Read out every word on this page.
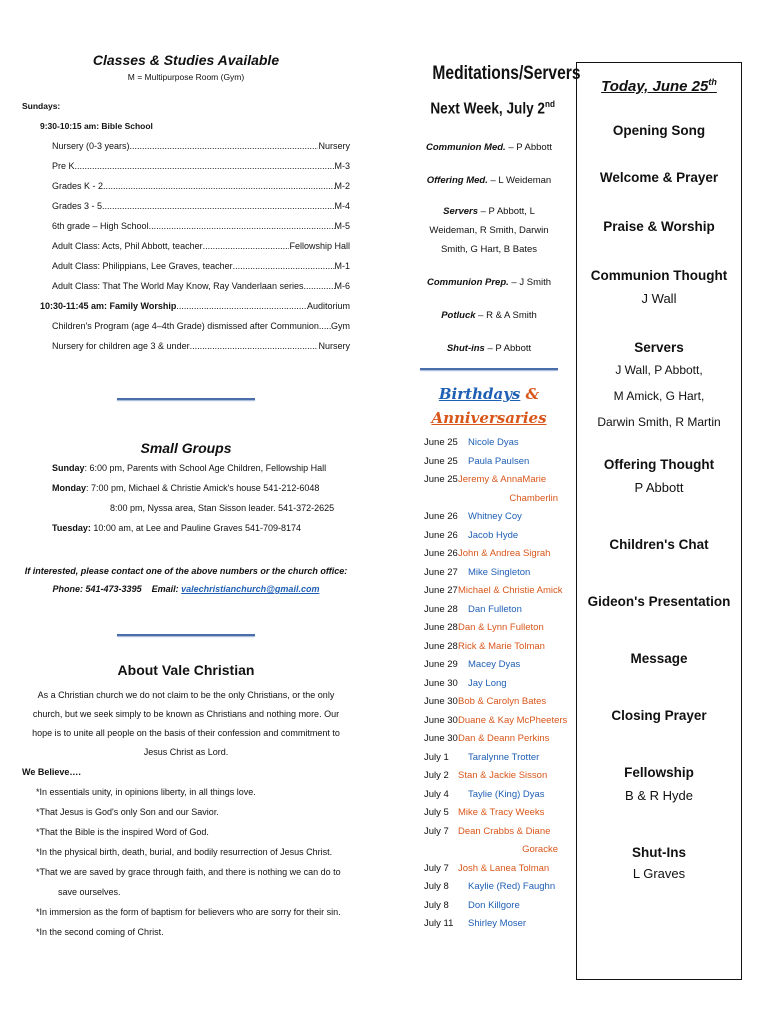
Classes & Studies Available
M = Multipurpose Room (Gym)
Sundays:
9:30-10:15 am: Bible School
Nursery (0-3 years) .....	Nursery
Pre K .....	M-3
Grades K - 2 .....	M-2
Grades 3 - 5 .....	M-4
6th grade – High School .....	M-5
Adult Class: Acts, Phil Abbott, teacher .....	Fellowship Hall
Adult Class: Philippians, Lee Graves, teacher .....	M-1
Adult Class: That The World May Know, Ray Vanderlaan series .....	M-6
10:30-11:45 am: Family Worship .....	Auditorium
Children's Program (age 4–4th Grade) dismissed after Communion ..... Gym
Nursery for children age 3 & under .....	Nursery
Small Groups
Sunday: 6:00 pm, Parents with School Age Children, Fellowship Hall
Monday: 7:00 pm, Michael & Christie Amick's house 541-212-6048
8:00 pm, Nyssa area, Stan Sisson leader. 541-372-2625
Tuesday: 10:00 am, at Lee and Pauline Graves 541-709-8174
If interested, please contact one of the above numbers or the church office:
Phone: 541-473-3395 Email: valechristianchurch@gmail.com
About Vale Christian
As a Christian church we do not claim to be the only Christians, or the only church, but we seek simply to be known as Christians and nothing more. Our hope is to unite all people on the basis of their confession and commitment to Jesus Christ as Lord.
We Believe….
*In essentials unity, in opinions liberty, in all things love.
*That Jesus is God's only Son and our Savior.
*That the Bible is the inspired Word of God.
*In the physical birth, death, burial, and bodily resurrection of Jesus Christ.
*That we are saved by grace through faith, and there is nothing we can do to
save ourselves.
*In immersion as the form of baptism for believers who are sorry for their sin.
*In the second coming of Christ.
Meditations/Servers
Next Week, July 2nd
Communion Med. – P Abbott
Offering Med. – L Weideman
Servers – P Abbott, L Weideman, R Smith, Darwin Smith, G Hart, B Bates
Communion Prep. – J Smith
Potluck – R & A Smith
Shut-ins – P Abbott
Birthdays &
Anniversaries
June 25	Nicole Dyas
June 25	Paula Paulsen
June 25 Jeremy & AnnaMarie
Chamberlin
June 26	Whitney Coy
June 26	Jacob Hyde
June 26 John & Andrea Sigrah
June 27	Mike Singleton
June 27 Michael & Christie Amick
June 28	Dan Fulleton
June 28 Dan & Lynn Fulleton
June 28 Rick & Marie Tolman
June 29	Macey Dyas
June 30	Jay Long
June 30 Bob & Carolyn Bates
June 30 Duane & Kay McPheeters
June 30 Dan & Deann Perkins
July 1	Taralynne Trotter
July 2 Stan & Jackie Sisson
July 4	Taylie (King) Dyas
July 5 Mike & Tracy Weeks
July 7 Dean Crabbs & Diane
Goracke
July 7 Josh & Lanea Tolman
July 8	Kaylie (Red) Faughn
July 8	Don Killgore
July 11	Shirley Moser
Today, June 25th
Opening Song
Welcome & Prayer
Praise & Worship
Communion Thought
J Wall
Servers
J Wall, P Abbott,
M Amick, G Hart,
Darwin Smith, R Martin
Offering Thought
P Abbott
Children's Chat
Gideon's Presentation
Message
Closing Prayer
Fellowship
B & R Hyde
Shut-Ins
L Graves
